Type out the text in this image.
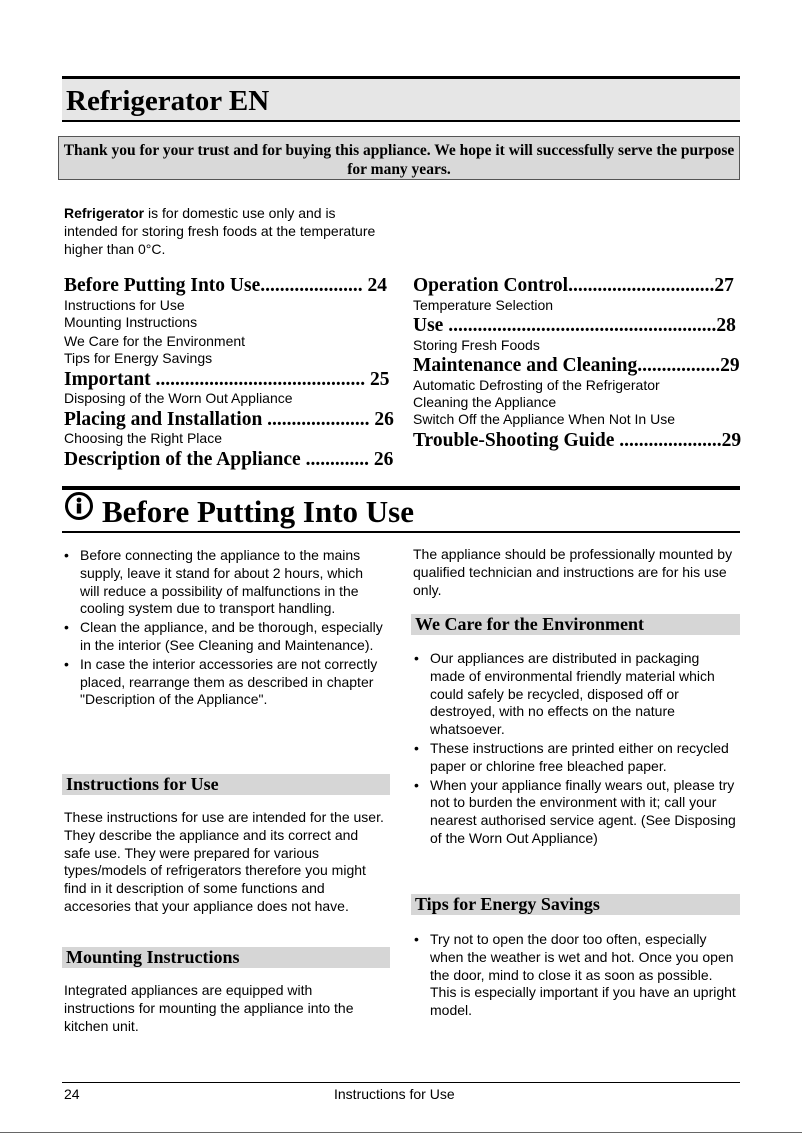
Refrigerator EN
Thank you for your trust and for buying this appliance. We hope it will successfully serve the purpose for many years.
Refrigerator is for domestic use only and is intended for storing fresh foods at the temperature higher than 0°C.
Before Putting Into Use..................... 24
Instructions for Use
Mounting Instructions
We Care for the Environment
Tips for Energy Savings
Important ........................................... 25
Disposing of the Worn Out Appliance
Placing and Installation ..................... 26
Choosing the Right Place
Description of the Appliance ............. 26
Operation Control..............................27
Temperature Selection
Use .......................................................28
Storing Fresh Foods
Maintenance and Cleaning.................29
Automatic Defrosting of the Refrigerator
Cleaning the Appliance
Switch Off the Appliance When Not In Use
Trouble-Shooting Guide .....................29
Before Putting Into Use
• Before connecting the appliance to the mains supply, leave it stand for about 2 hours, which will reduce a possibility of malfunctions in the cooling system due to transport handling.
• Clean the appliance, and be thorough, especially in the interior (See Cleaning and Maintenance).
• In case the interior accessories are not correctly placed, rearrange them as described in chapter "Description of the Appliance".
Instructions for Use
These instructions for use are intended for the user. They describe the appliance and its correct and safe use. They were prepared for various types/models of refrigerators therefore you might find in it description of some functions and accesories that your appliance does not have.
Mounting Instructions
Integrated appliances are equipped with instructions for mounting the appliance into the kitchen unit.
The appliance should be professionally mounted by qualified technician and instructions are for his use only.
We Care for the Environment
• Our appliances are distributed in packaging made of environmental friendly material which could safely be recycled, disposed off or destroyed, with no effects on the nature whatsoever.
• These instructions are printed either on recycled paper or chlorine free bleached paper.
• When your appliance finally wears out, please try not to burden the environment with it; call your nearest authorised service agent. (See Disposing of the Worn Out Appliance)
Tips for Energy Savings
• Try not to open the door too often, especially when the weather is wet and hot. Once you open the door, mind to close it as soon as possible. This is especially important if you have an upright model.
24	Instructions for Use
